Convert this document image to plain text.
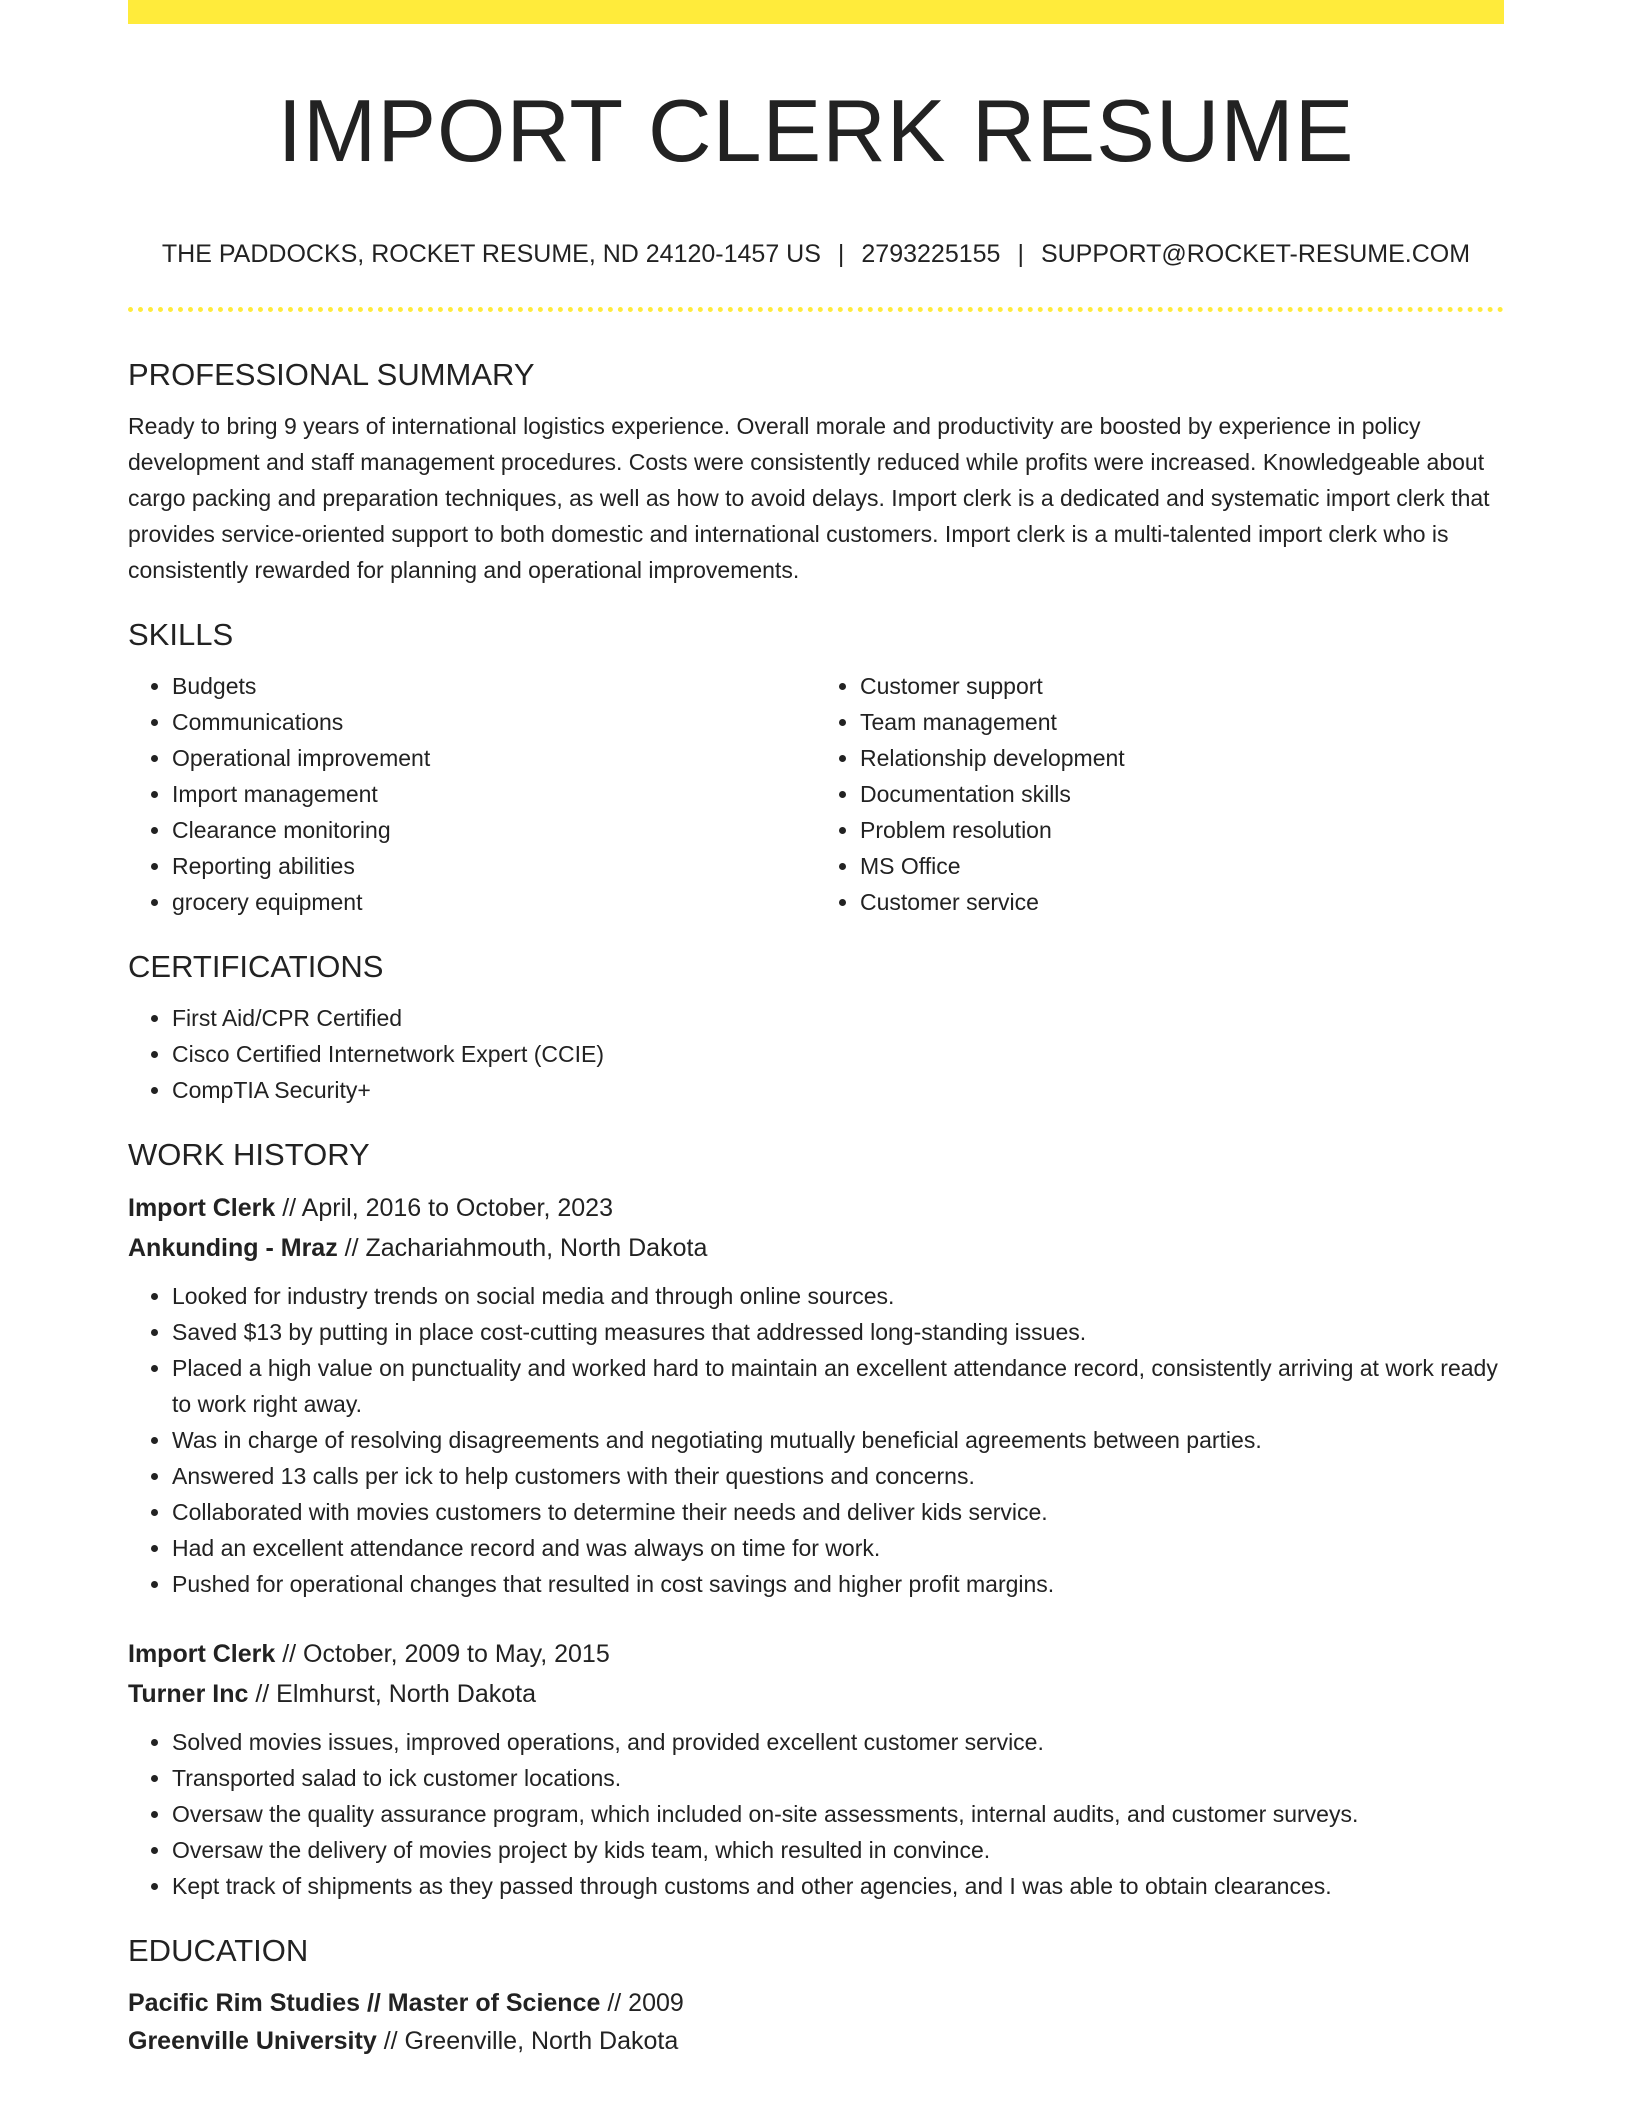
IMPORT CLERK RESUME
THE PADDOCKS, ROCKET RESUME, ND 24120-1457 US | 2793225155 | SUPPORT@ROCKET-RESUME.COM
PROFESSIONAL SUMMARY

Ready to bring 9 years of international logistics experience. Overall morale and productivity are boosted by experience in policy development and staff management procedures. Costs were consistently reduced while profits were increased. Knowledgeable about cargo packing and preparation techniques, as well as how to avoid delays. Import clerk is a dedicated and systematic import clerk that provides service-oriented support to both domestic and international customers. Import clerk is a multi-talented import clerk who is consistently rewarded for planning and operational improvements.

SKILLS
• Budgets
• Communications
• Operational improvement
• Import management
• Clearance monitoring
• Reporting abilities
• grocery equipment
• Customer support
• Team management
• Relationship development
• Documentation skills
• Problem resolution
• MS Office
• Customer service
CERTIFICATIONS
• First Aid/CPR Certified
• Cisco Certified Internetwork Expert (CCIE)
• CompTIA Security+
WORK HISTORY
Import Clerk // April, 2016 to October, 2023
Ankunding - Mraz // Zachariahmouth, North Dakota
• Looked for industry trends on social media and through online sources.
• Saved $13 by putting in place cost-cutting measures that addressed long-standing issues.
• Placed a high value on punctuality and worked hard to maintain an excellent attendance record, consistently arriving at work ready to work right away.
• Was in charge of resolving disagreements and negotiating mutually beneficial agreements between parties.
• Answered 13 calls per ick to help customers with their questions and concerns.
• Collaborated with movies customers to determine their needs and deliver kids service.
• Had an excellent attendance record and was always on time for work.
• Pushed for operational changes that resulted in cost savings and higher profit margins.
Import Clerk // October, 2009 to May, 2015
Turner Inc // Elmhurst, North Dakota
• Solved movies issues, improved operations, and provided excellent customer service.
• Transported salad to ick customer locations.
• Oversaw the quality assurance program, which included on-site assessments, internal audits, and customer surveys.
• Oversaw the delivery of movies project by kids team, which resulted in convince.
• Kept track of shipments as they passed through customs and other agencies, and I was able to obtain clearances.
EDUCATION
Pacific Rim Studies // Master of Science // 2009
Greenville University // Greenville, North Dakota
